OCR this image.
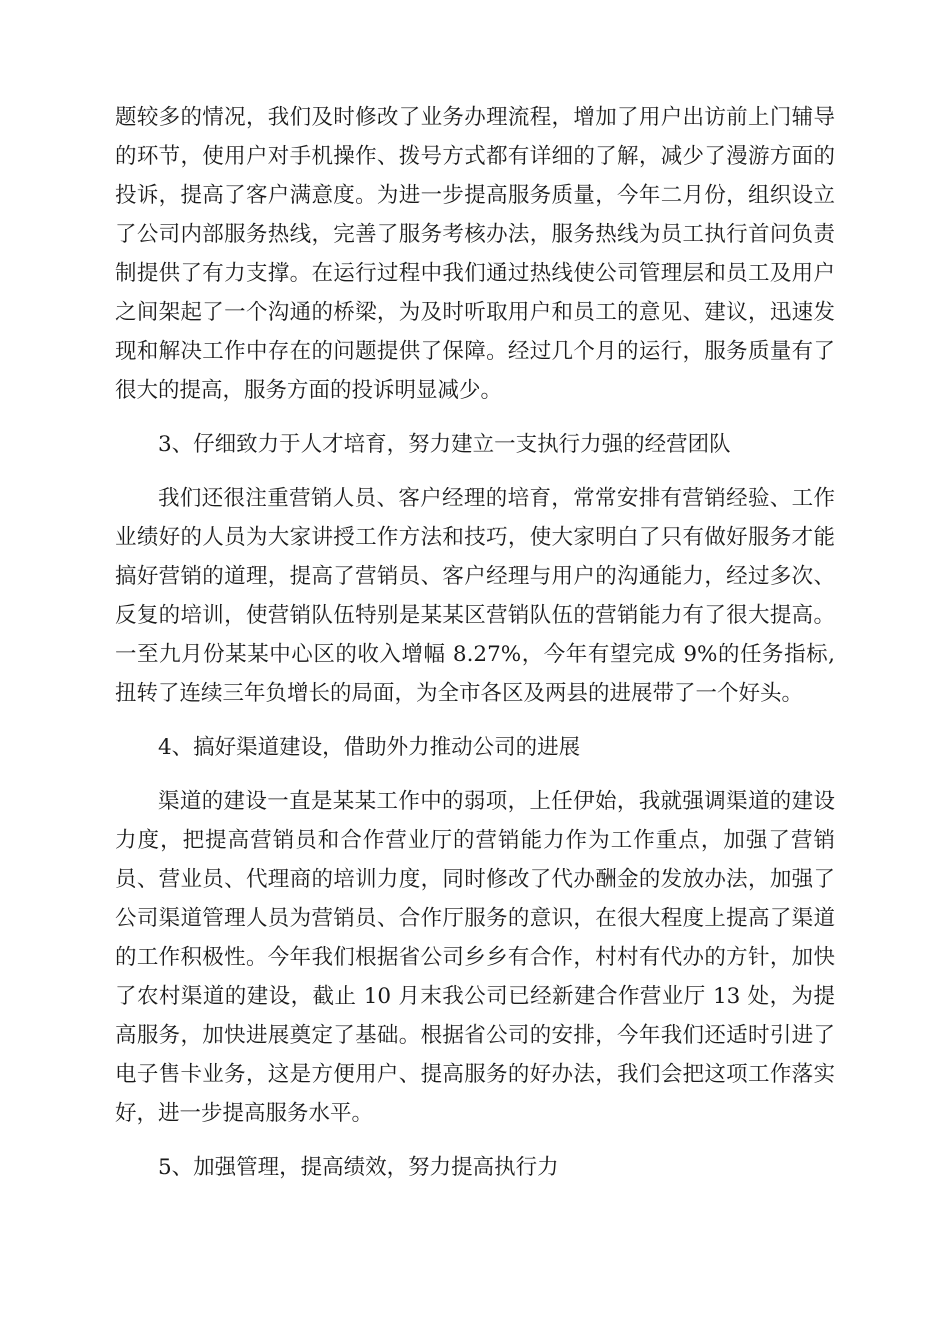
题较多的情况，我们及时修改了业务办理流程，增加了用户出访前上门辅导的环节，使用户对手机操作、拨号方式都有详细的了解，减少了漫游方面的投诉，提高了客户满意度。为进一步提高服务质量，今年二月份，组织设立了公司内部服务热线，完善了服务考核办法，服务热线为员工执行首问负责制提供了有力支撑。在运行过程中我们通过热线使公司管理层和员工及用户之间架起了一个沟通的桥梁，为及时听取用户和员工的意见、建议，迅速发现和解决工作中存在的问题提供了保障。经过几个月的运行，服务质量有了很大的提高，服务方面的投诉明显减少。

3、仔细致力于人才培育，努力建立一支执行力强的经营团队

我们还很注重营销人员、客户经理的培育，常常安排有营销经验、工作业绩好的人员为大家讲授工作方法和技巧，使大家明白了只有做好服务才能搞好营销的道理，提高了营销员、客户经理与用户的沟通能力，经过多次、反复的培训，使营销队伍特别是某某区营销队伍的营销能力有了很大提高。一至九月份某某中心区的收入增幅 8.27%，今年有望完成 9%的任务指标,扭转了连续三年负增长的局面，为全市各区及两县的进展带了一个好头。

4、搞好渠道建设，借助外力推动公司的进展

渠道的建设一直是某某工作中的弱项，上任伊始，我就强调渠道的建设力度，把提高营销员和合作营业厅的营销能力作为工作重点，加强了营销员、营业员、代理商的培训力度，同时修改了代办酬金的发放办法，加强了公司渠道管理人员为营销员、合作厅服务的意识，在很大程度上提高了渠道的工作积极性。今年我们根据省公司乡乡有合作，村村有代办的方针，加快了农村渠道的建设，截止 10 月末我公司已经新建合作营业厅 13 处，为提高服务，加快进展奠定了基础。根据省公司的安排，今年我们还适时引进了电子售卡业务，这是方便用户、提高服务的好办法，我们会把这项工作落实好，进一步提高服务水平。

5、加强管理，提高绩效，努力提高执行力
